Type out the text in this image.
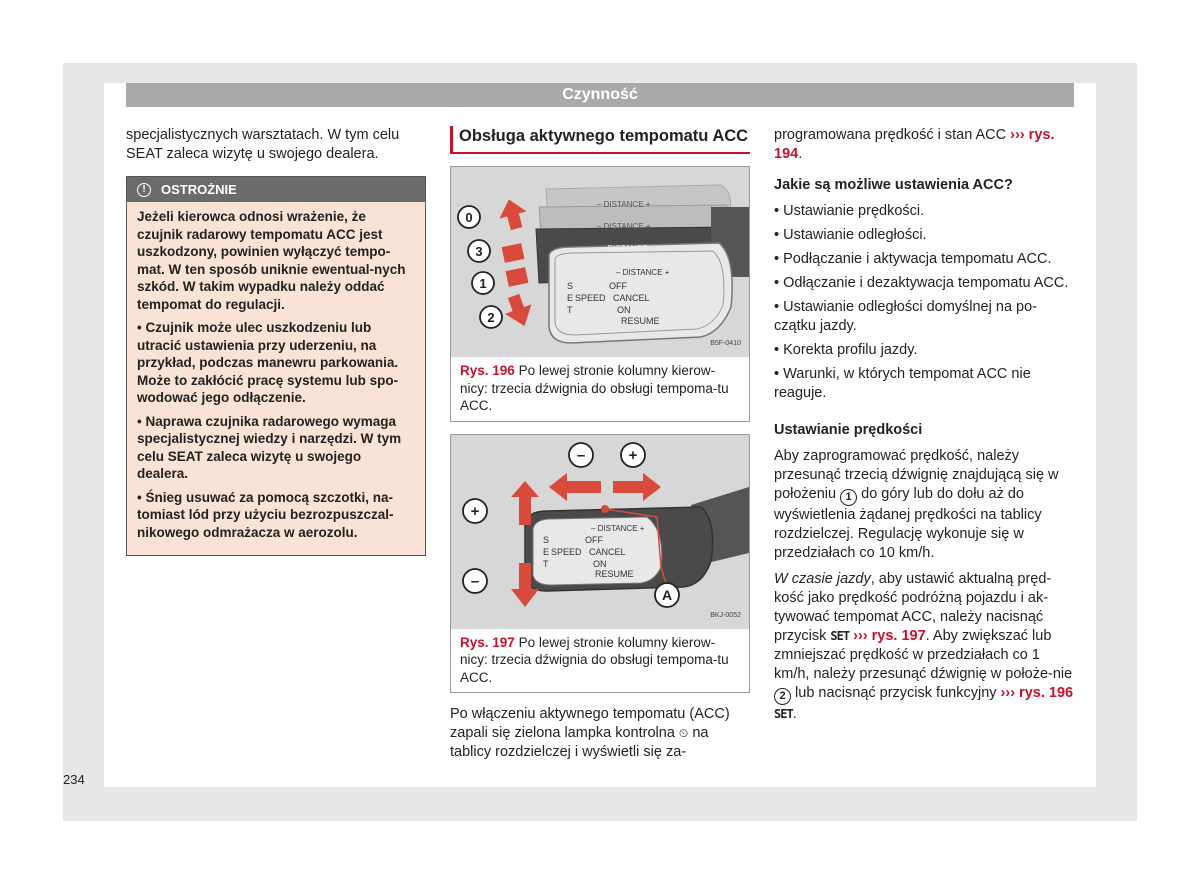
Czynność

specjalistycznych warsztatach. W tym celu SEAT zaleca wizytę u swojego dealera.

!	OSTROŻNIE

Jeżeli kierowca odnosi wrażenie, że czujnik radarowy tempomatu ACC jest uszkodzony, powinien wyłączyć tempo-mat. W ten sposób uniknie ewentual-nych szkód. W takim wypadku należy oddać tempomat do regulacji.

• Czujnik może ulec uszkodzeniu lub utracić ustawienia przy uderzeniu, na przykład, podczas manewru parkowania. Może to zakłócić pracę systemu lub spo-wodować jego odłączenie.

• Naprawa czujnika radarowego wymaga specjalistycznej wiedzy i narzędzi. W tym celu SEAT zaleca wizytę u swojego dealera.

• Śnieg usuwać za pomocą szczotki, na-tomiast lód przy użyciu bezrozpuszczal-nikowego odmrażacza w aerozolu.

Obsługa aktywnego tempomatu ACC
– DISTANCE +
– DISTANCE +
– DISTANCE +
– DISTANCE +
S
E
T
SPEED
OFF
CANCEL
ON
RESUME
0
3
1
2
B5F-0410
Rys. 196 Po lewej stronie kolumny kierow-nicy: trzecia dźwignia do obsługi tempoma-tu ACC.
– DISTANCE +
S
E
T
SPEED
OFF
CANCEL
ON
RESUME
–	+
+
–
A
BKJ-0052
Rys. 197 Po lewej stronie kolumny kierow-nicy: trzecia dźwignia do obsługi tempoma-tu ACC.

Po włączeniu aktywnego tempomatu (ACC) zapali się zielona lampka kontrolna ⏲ na tablicy rozdzielczej i wyświetli się za-

programowana prędkość i stan ACC ››› rys. 194.

Jakie są możliwe ustawienia ACC?
• Ustawianie prędkości.
• Ustawianie odległości.
• Podłączanie i aktywacja tempomatu ACC.
• Odłączanie i dezaktywacja tempomatu ACC.
• Ustawianie odległości domyślnej na po-czątku jazdy.
• Korekta profilu jazdy.
• Warunki, w których tempomat ACC nie reaguje.
Ustawianie prędkości

Aby zaprogramować prędkość, należy przesunąć trzecią dźwignię znajdującą się w położeniu 1 do góry lub do dołu aż do wyświetlenia żądanej prędkości na tablicy rozdzielczej. Regulację wykonuje się w przedziałach co 10 km/h.

W czasie jazdy, aby ustawić aktualną pręd-kość jako prędkość podróżną pojazdu i ak-tywować tempomat ACC, należy nacisnąć przycisk SET ››› rys. 197. Aby zwiększać lub zmniejszać prędkość w przedziałach co 1 km/h, należy przesunąć dźwignię w położe-nie 2 lub nacisnąć przycisk funkcyjny ››› rys. 196 SET.

234
